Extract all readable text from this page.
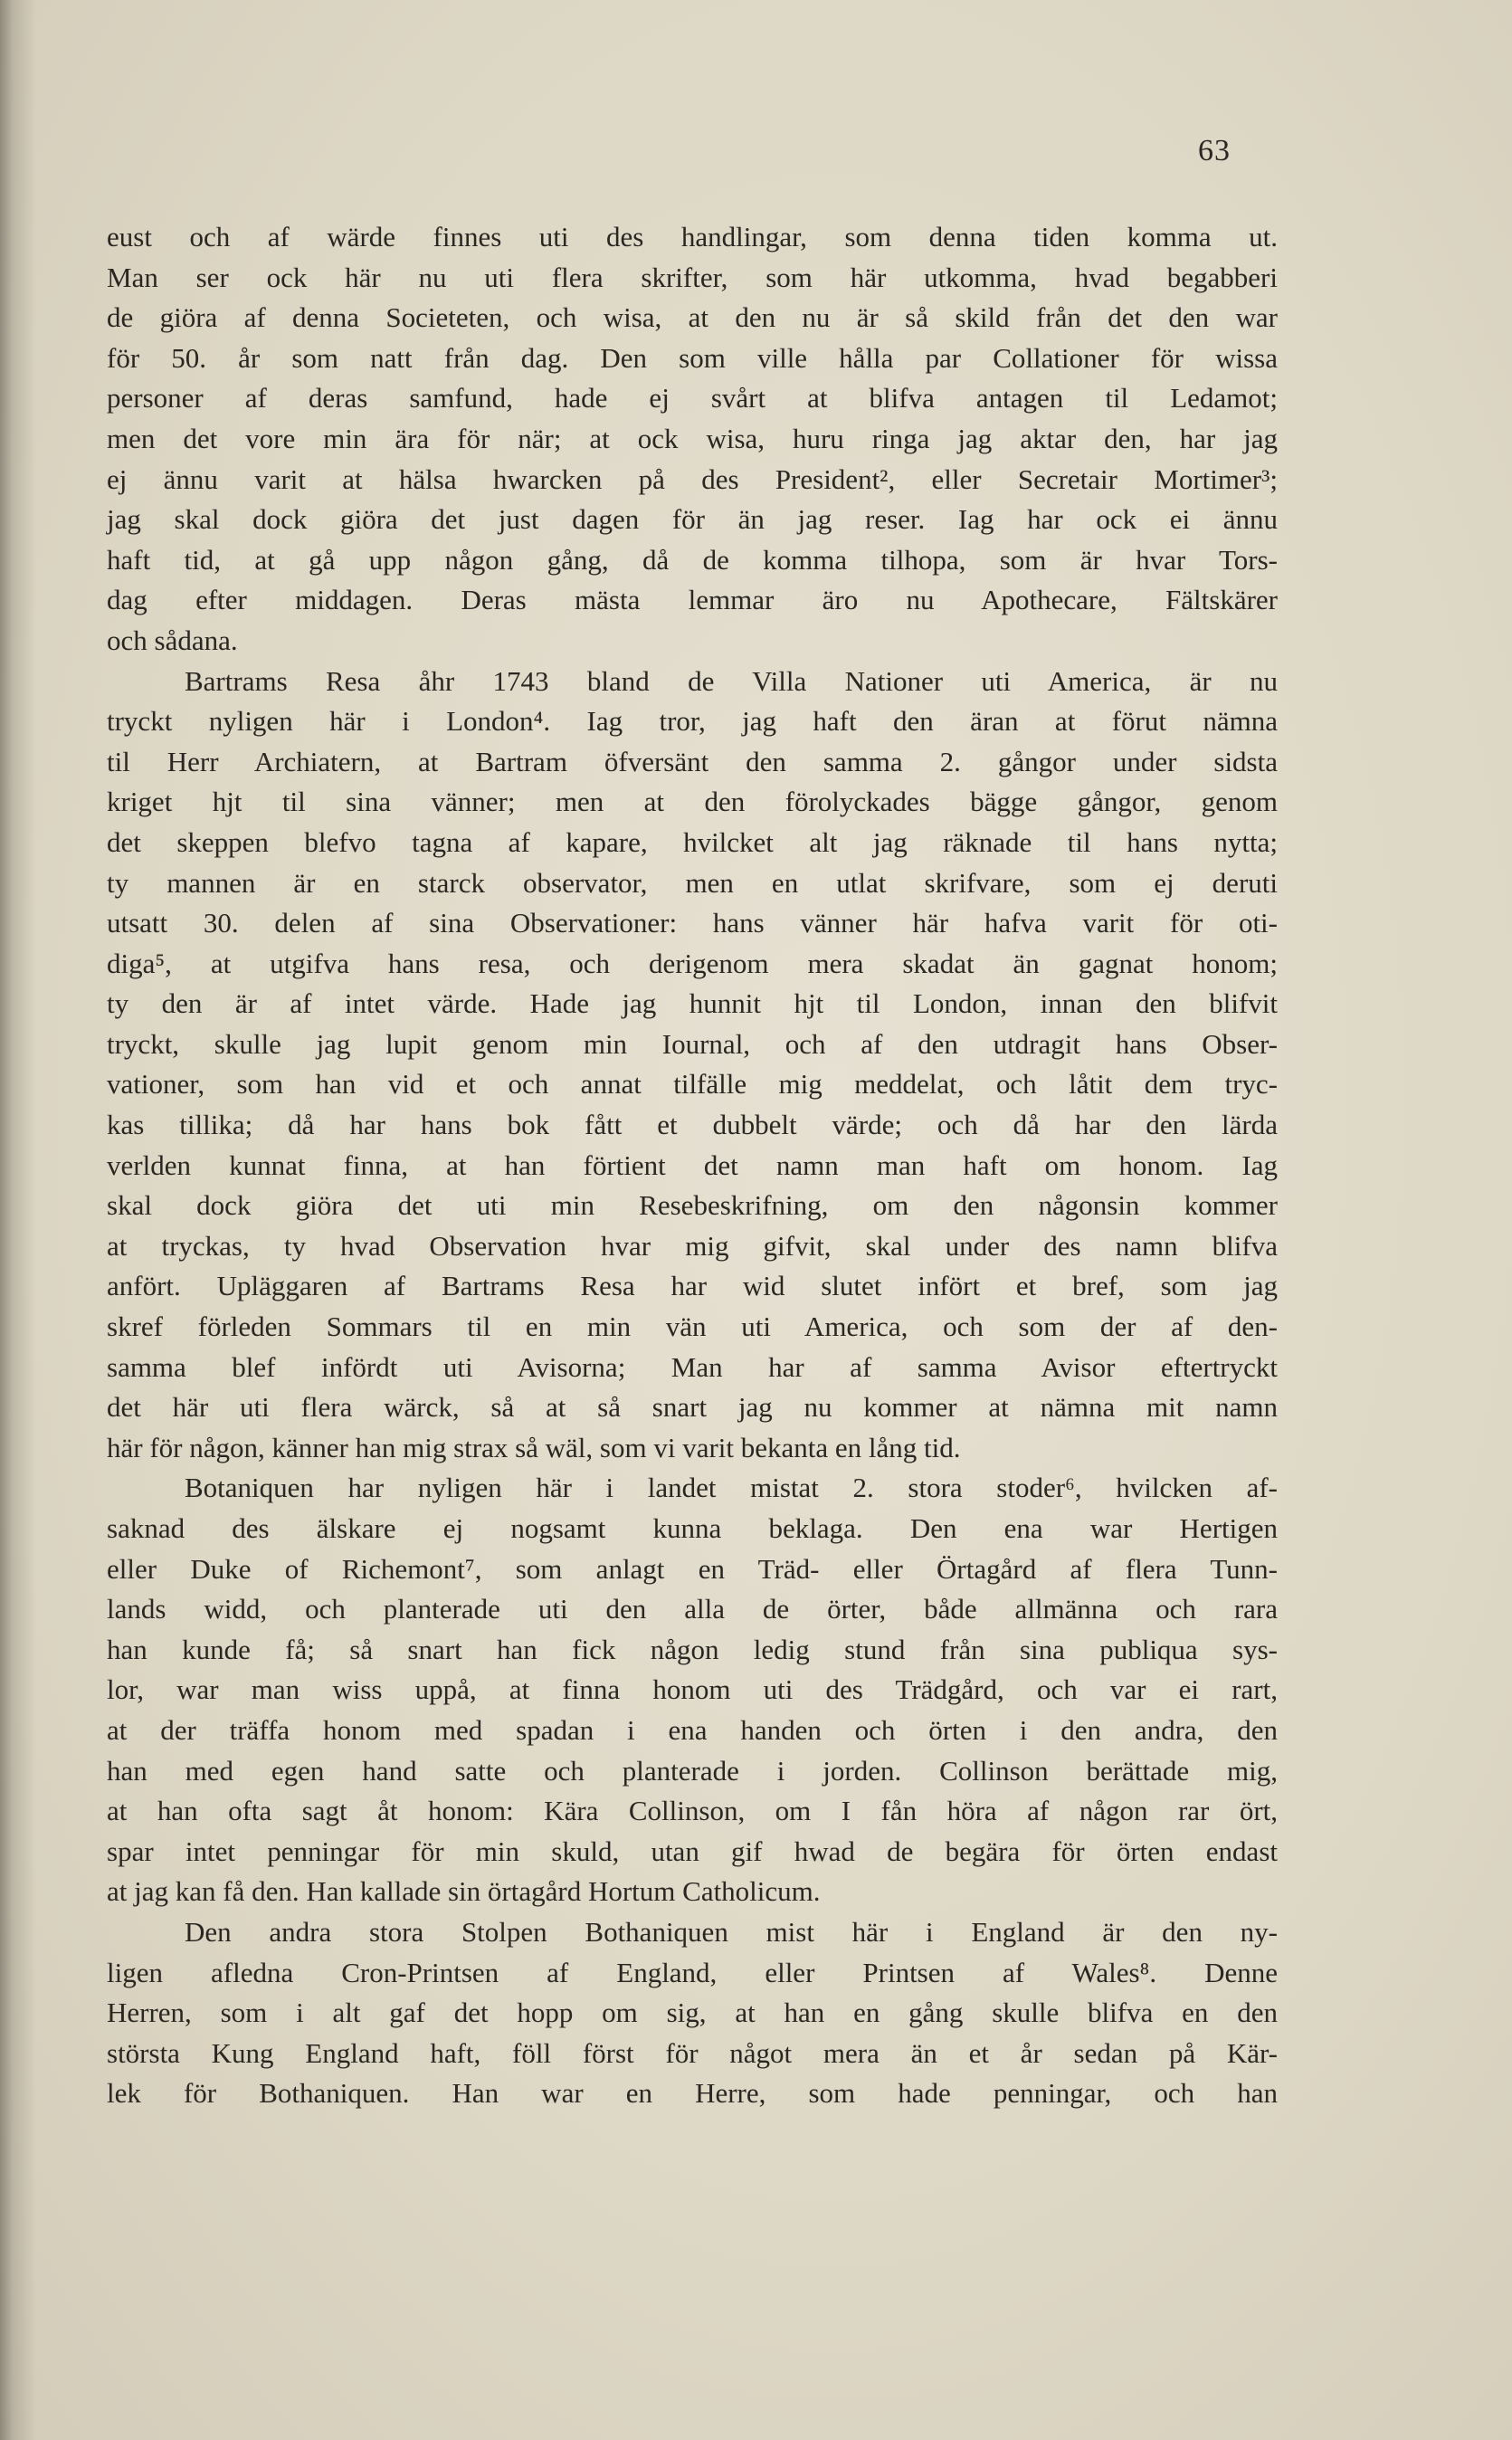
63
eust och af wärde finnes uti des handlingar, som denna tiden komma ut.
Man ser ock här nu uti flera skrifter, som här utkomma, hvad begabberi
de giöra af denna Societeten, och wisa, at den nu är så skild från det den war
för 50. år som natt från dag. Den som ville hålla par Collationer för wissa
personer af deras samfund, hade ej svårt at blifva antagen til Ledamot;
men det vore min ära för när; at ock wisa, huru ringa jag aktar den, har jag
ej ännu varit at hälsa hwarcken på des President², eller Secretair Mortimer³;
jag skal dock giöra det just dagen för än jag reser. Iag har ock ei ännu
haft tid, at gå upp någon gång, då de komma tilhopa, som är hvar Tors-
dag efter middagen. Deras mästa lemmar äro nu Apothecare, Fältskärer
och sådana.
Bartrams Resa åhr 1743 bland de Villa Nationer uti America, är nu
tryckt nyligen här i London⁴. Iag tror, jag haft den äran at förut nämna
til Herr Archiatern, at Bartram öfversänt den samma 2. gångor under sidsta
kriget hjt til sina vänner; men at den förolyckades bägge gångor, genom
det skeppen blefvo tagna af kapare, hvilcket alt jag räknade til hans nytta;
ty mannen är en starck observator, men en utlat skrifvare, som ej deruti
utsatt 30. delen af sina Observationer: hans vänner här hafva varit för oti-
diga⁵, at utgifva hans resa, och derigenom mera skadat än gagnat honom;
ty den är af intet värde. Hade jag hunnit hjt til London, innan den blifvit
tryckt, skulle jag lupit genom min Iournal, och af den utdragit hans Obser-
vationer, som han vid et och annat tilfälle mig meddelat, och låtit dem tryc-
kas tillika; då har hans bok fått et dubbelt värde; och då har den lärda
verlden kunnat finna, at han förtient det namn man haft om honom. Iag
skal dock giöra det uti min Resebeskrifning, om den någonsin kommer
at tryckas, ty hvad Observation hvar mig gifvit, skal under des namn blifva
anfört. Upläggaren af Bartrams Resa har wid slutet infört et bref, som jag
skref förleden Sommars til en min vän uti America, och som der af den-
samma blef infördt uti Avisorna; Man har af samma Avisor eftertryckt
det här uti flera wärck, så at så snart jag nu kommer at nämna mit namn
här för någon, känner han mig strax så wäl, som vi varit bekanta en lång tid.
Botaniquen har nyligen här i landet mistat 2. stora stoder⁶, hvilcken af-
saknad des älskare ej nogsamt kunna beklaga. Den ena war Hertigen
eller Duke of Richemont⁷, som anlagt en Träd- eller Örtagård af flera Tunn-
lands widd, och planterade uti den alla de örter, både allmänna och rara
han kunde få; så snart han fick någon ledig stund från sina publiqua sys-
lor, war man wiss uppå, at finna honom uti des Trädgård, och var ei rart,
at der träffa honom med spadan i ena handen och örten i den andra, den
han med egen hand satte och planterade i jorden. Collinson berättade mig,
at han ofta sagt åt honom: Kära Collinson, om I fån höra af någon rar ört,
spar intet penningar för min skuld, utan gif hwad de begära för örten endast
at jag kan få den. Han kallade sin örtagård Hortum Catholicum.
Den andra stora Stolpen Bothaniquen mist här i England är den ny-
ligen afledna Cron-Printsen af England, eller Printsen af Wales⁸. Denne
Herren, som i alt gaf det hopp om sig, at han en gång skulle blifva en den
största Kung England haft, föll först för något mera än et år sedan på Kär-
lek för Bothaniquen. Han war en Herre, som hade penningar, och han
